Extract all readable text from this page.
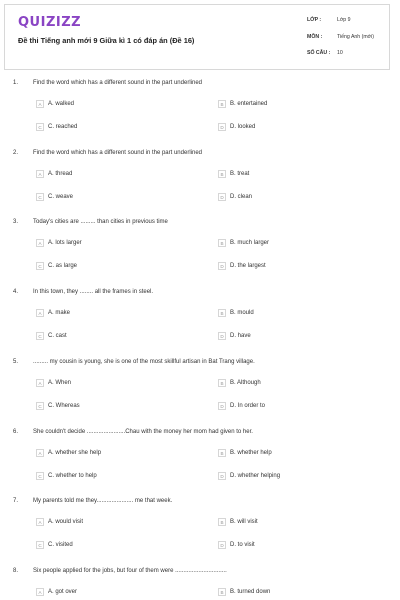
QUIZIZZ
Đề thi Tiếng anh mới 9 Giữa kì 1 có đáp án (Đề 16)
LỚP :	Lớp 9
MÔN :	Tiếng Anh (mới)
SỐ CÂU : 10
1. Find the word which has a different sound in the part underlined
A A. walked	B B. entertained
C C. reached	D D. looked
2. Find the word which has a different sound in the part underlined
A A. thread	B B. treat
C C. weave	D D. clean
3. Today's cities are ......... than cities in previous time
A A. lots larger	B B. much larger
C C. as large	D D. the largest
4. In this town, they ........ all the frames in steel.
A A. make	B B. mould
C C. cast	D D. have
5. ......... my cousin is young, she is one of the most skillful artisan in Bat Trang village.
A A. When	B B. Although
C C. Whereas	D D. In order to
6. She couldn't decide .......................Chau with the money her mom had given to her.
A A. whether she help	B B. whether help
C C. whether to help	D D. whether helping
7. My parents told me they...................... me that week.
A A. would visit	B B. will visit
C C. visited	D D. to visit
8. Six people applied for the jobs, but four of them were ...............................
A A. got over	B B. turned down
